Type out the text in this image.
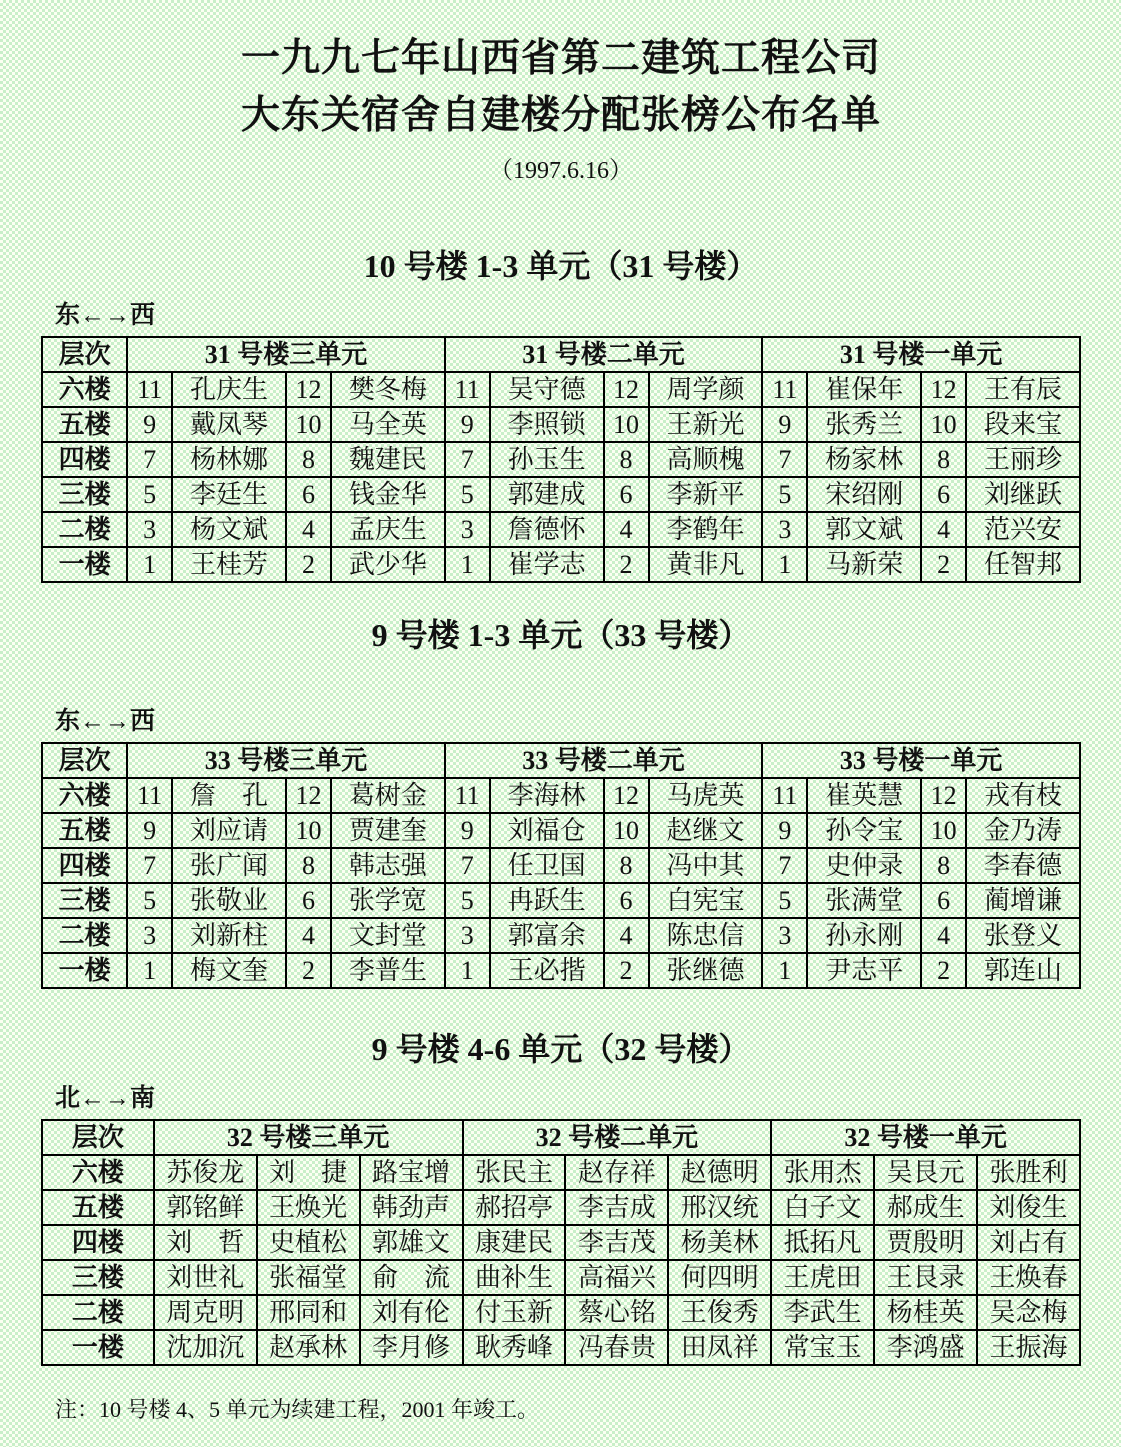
一九九七年山西省第二建筑工程公司
大东关宿舍自建楼分配张榜公布名单
（1997.6.16）
10 号楼 1-3 单元（31 号楼）
东←→西
层次	31 号楼三单元				31 号楼二单元				31 号楼一单元			
六楼	11	孔庆生	12	樊冬梅	11	吴守德	12	周学颜	11	崔保年	12	王有辰
五楼	9	戴凤琴	10	马全英	9	李照锁	10	王新光	9	张秀兰	10	段来宝
四楼	7	杨林娜	8	魏建民	7	孙玉生	8	高顺槐	7	杨家林	8	王丽珍
三楼	5	李廷生	6	钱金华	5	郭建成	6	李新平	5	宋绍刚	6	刘继跃
二楼	3	杨文斌	4	孟庆生	3	詹德怀	4	李鹤年	3	郭文斌	4	范兴安
一楼	1	王桂芳	2	武少华	1	崔学志	2	黄非凡	1	马新荣	2	任智邦
9 号楼 1-3 单元（33 号楼）
东←→西
层次	33 号楼三单元				33 号楼二单元				33 号楼一单元			
六楼	11	詹　孔	12	葛树金	11	李海林	12	马虎英	11	崔英慧	12	戎有枝
五楼	9	刘应请	10	贾建奎	9	刘福仓	10	赵继文	9	孙令宝	10	金乃涛
四楼	7	张广闻	8	韩志强	7	任卫国	8	冯中其	7	史仲录	8	李春德
三楼	5	张敬业	6	张学宽	5	冉跃生	6	白宪宝	5	张满堂	6	蔺增谦
二楼	3	刘新柱	4	文封堂	3	郭富余	4	陈忠信	3	孙永刚	4	张登义
一楼	1	梅文奎	2	李普生	1	王必揩	2	张继德	1	尹志平	2	郭连山
9 号楼 4-6 单元（32 号楼）
北←→南
层次	32 号楼三单元			32 号楼二单元			32 号楼一单元		
六楼	苏俊龙	刘　捷	路宝增	张民主	赵存祥	赵德明	张用杰	吴艮元	张胜利
五楼	郭铭鲜	王焕光	韩劲声	郝招亭	李吉成	邢汉统	白子文	郝成生	刘俊生
四楼	刘　哲	史植松	郭雄文	康建民	李吉茂	杨美林	抵拓凡	贾殷明	刘占有
三楼	刘世礼	张福堂	俞　流	曲补生	高福兴	何四明	王虎田	王艮录	王焕春
二楼	周克明	邢同和	刘有伦	付玉新	蔡心铭	王俊秀	李武生	杨桂英	吴念梅
一楼	沈加沉	赵承林	李月修	耿秀峰	冯春贵	田凤祥	常宝玉	李鸿盛	王振海
注：10 号楼 4、5 单元为续建工程，2001 年竣工。
